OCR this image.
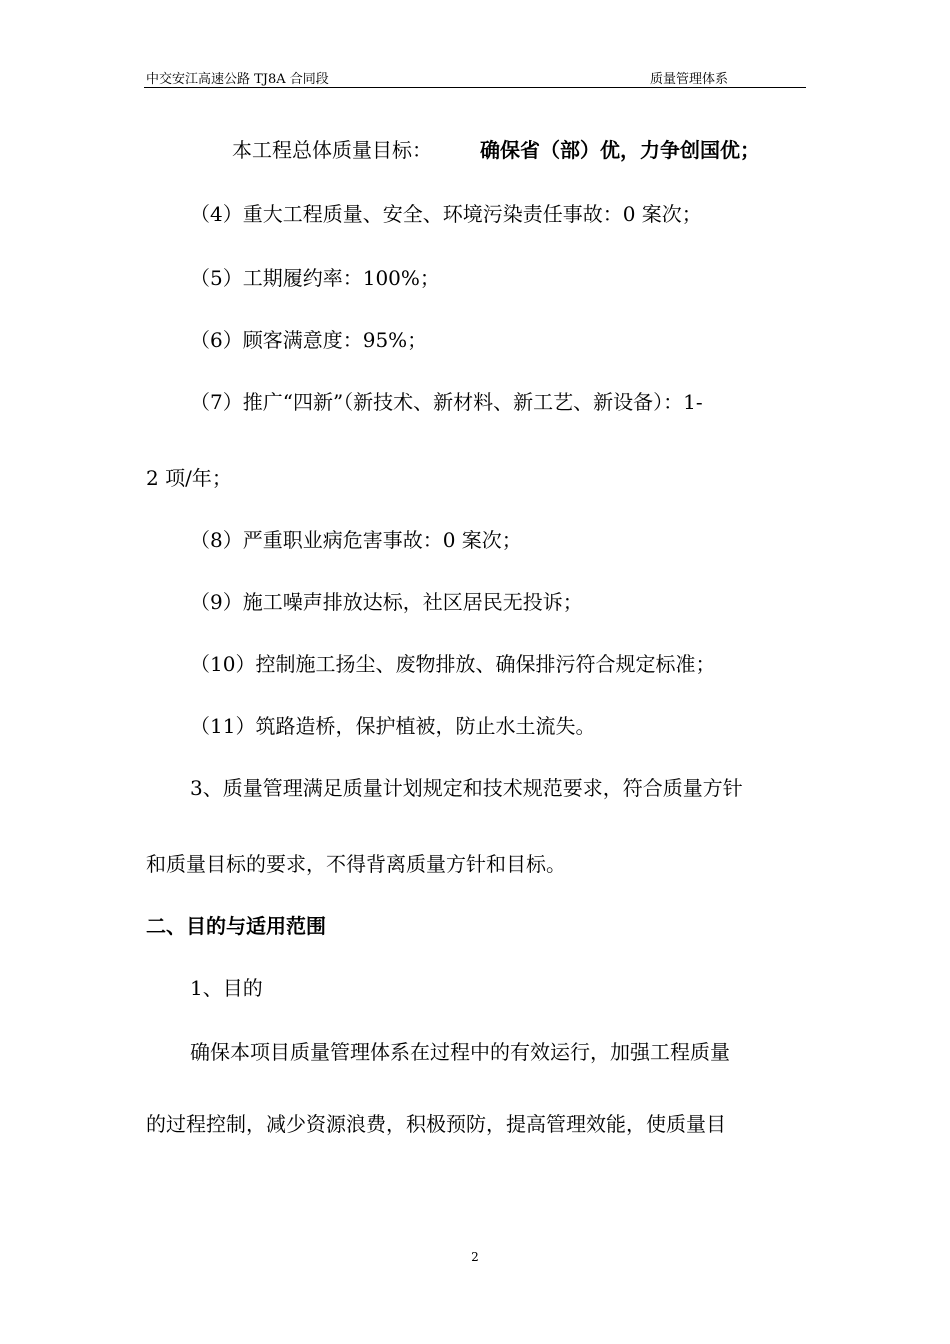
中交安江高速公路 TJ8A 合同段	质量管理体系
本工程总体质量目标： 确保省（部）优，力争创国优；
（4）重大工程质量、安全、环境污染责任事故：0 案次；
（5）工期履约率：100%；
（6）顾客满意度：95%；
（7）推广“四新”（新技术、新材料、新工艺、新设备）：1-
2 项/年；
（8）严重职业病危害事故：0 案次；
（9）施工噪声排放达标，社区居民无投诉；
（10）控制施工扬尘、废物排放、确保排污符合规定标准；
（11）筑路造桥，保护植被，防止水土流失。
3、质量管理满足质量计划规定和技术规范要求，符合质量方针
和质量目标的要求，不得背离质量方针和目标。
二、目的与适用范围
1、目的
确保本项目质量管理体系在过程中的有效运行，加强工程质量
的过程控制，减少资源浪费，积极预防，提高管理效能，使质量目
2
